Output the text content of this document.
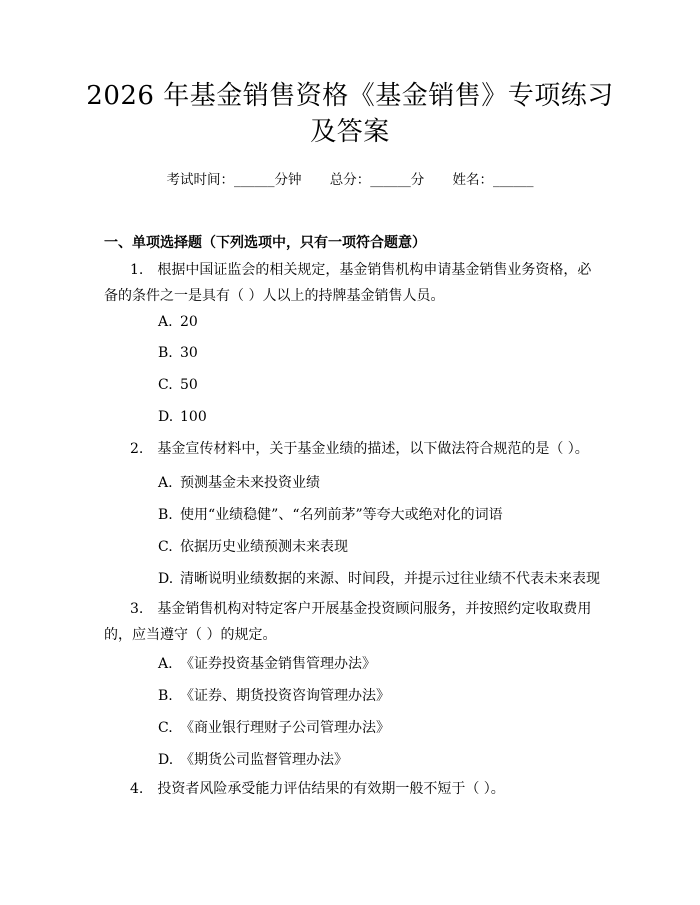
2026 年基金销售资格《基金销售》专项练习
及答案
考试时间：______分钟 总分：______分 姓名：______
一、单项选择题（下列选项中，只有一项符合题意）
1. 根据中国证监会的相关规定，基金销售机构申请基金销售业务资格，必备的条件之一是具有（ ）人以上的持牌基金销售人员。
A. 20
B. 30
C. 50
D. 100
2. 基金宣传材料中，关于基金业绩的描述，以下做法符合规范的是（ ）。
A. 预测基金未来投资业绩
B. 使用“业绩稳健”、“名列前茅”等夸大或绝对化的词语
C. 依据历史业绩预测未来表现
D. 清晰说明业绩数据的来源、时间段，并提示过往业绩不代表未来表现
3. 基金销售机构对特定客户开展基金投资顾问服务，并按照约定收取费用的，应当遵守（ ）的规定。
A. 《证券投资基金销售管理办法》
B. 《证券、期货投资咨询管理办法》
C. 《商业银行理财子公司管理办法》
D. 《期货公司监督管理办法》
4. 投资者风险承受能力评估结果的有效期一般不短于（ ）。
